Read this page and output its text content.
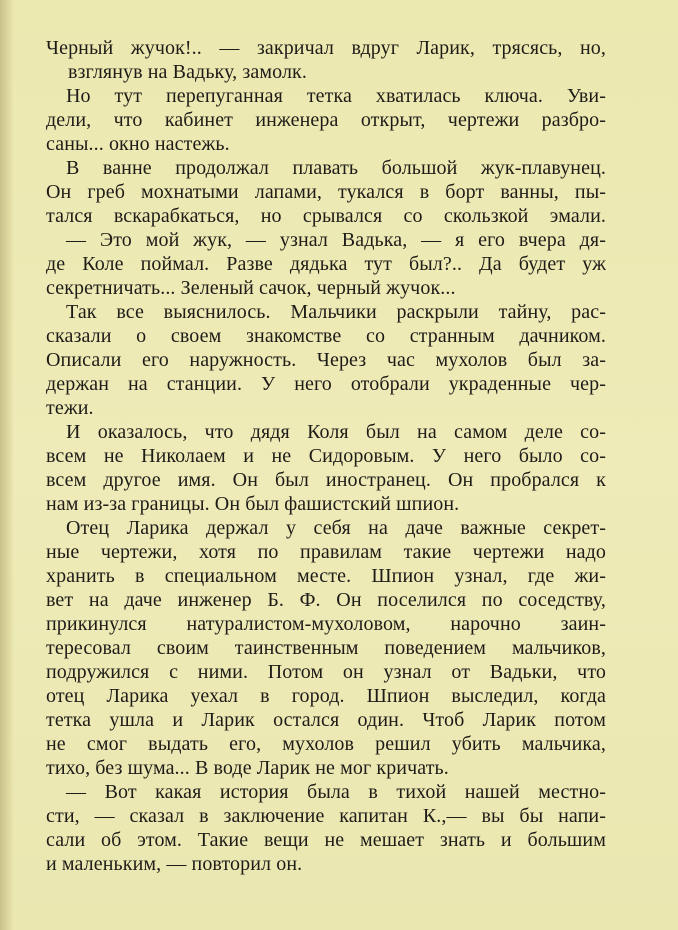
Черный жучок!.. — закричал вдруг Ларик, трясясь, но,
взглянув на Вадьку, замолк.
Но тут перепуганная тетка хватилась ключа. Уви-
дели, что кабинет инженера открыт, чертежи разбро-
саны... окно настежь.
В ванне продолжал плавать большой жук-плавунец.
Он греб мохнатыми лапами, тукался в борт ванны, пы-
тался вскарабкаться, но срывался со скользкой эмали.
— Это мой жук, — узнал Вадька, — я его вчера дя-
де Коле поймал. Разве дядька тут был?.. Да будет уж
секретничать... Зеленый сачок, черный жучок...
Так все выяснилось. Мальчики раскрыли тайну, рас-
сказали о своем знакомстве со странным дачником.
Описали его наружность. Через час мухолов был за-
держан на станции. У него отобрали украденные чер-
тежи.
И оказалось, что дядя Коля был на самом деле со-
всем не Николаем и не Сидоровым. У него было со-
всем другое имя. Он был иностранец. Он пробрался к
нам из-за границы. Он был фашистский шпион.
Отец Ларика держал у себя на даче важные секрет-
ные чертежи, хотя по правилам такие чертежи надо
хранить в специальном месте. Шпион узнал, где жи-
вет на даче инженер Б. Ф. Он поселился по соседству,
прикинулся натуралистом-мухоловом, нарочно заин-
тересовал своим таинственным поведением мальчиков,
подружился с ними. Потом он узнал от Вадьки, что
отец Ларика уехал в город. Шпион выследил, когда
тетка ушла и Ларик остался один. Чтоб Ларик потом
не смог выдать его, мухолов решил убить мальчика,
тихо, без шума... В воде Ларик не мог кричать.
— Вот какая история была в тихой нашей местно-
сти, — сказал в заключение капитан К.,— вы бы напи-
сали об этом. Такие вещи не мешает знать и большим
и маленьким, — повторил он.
